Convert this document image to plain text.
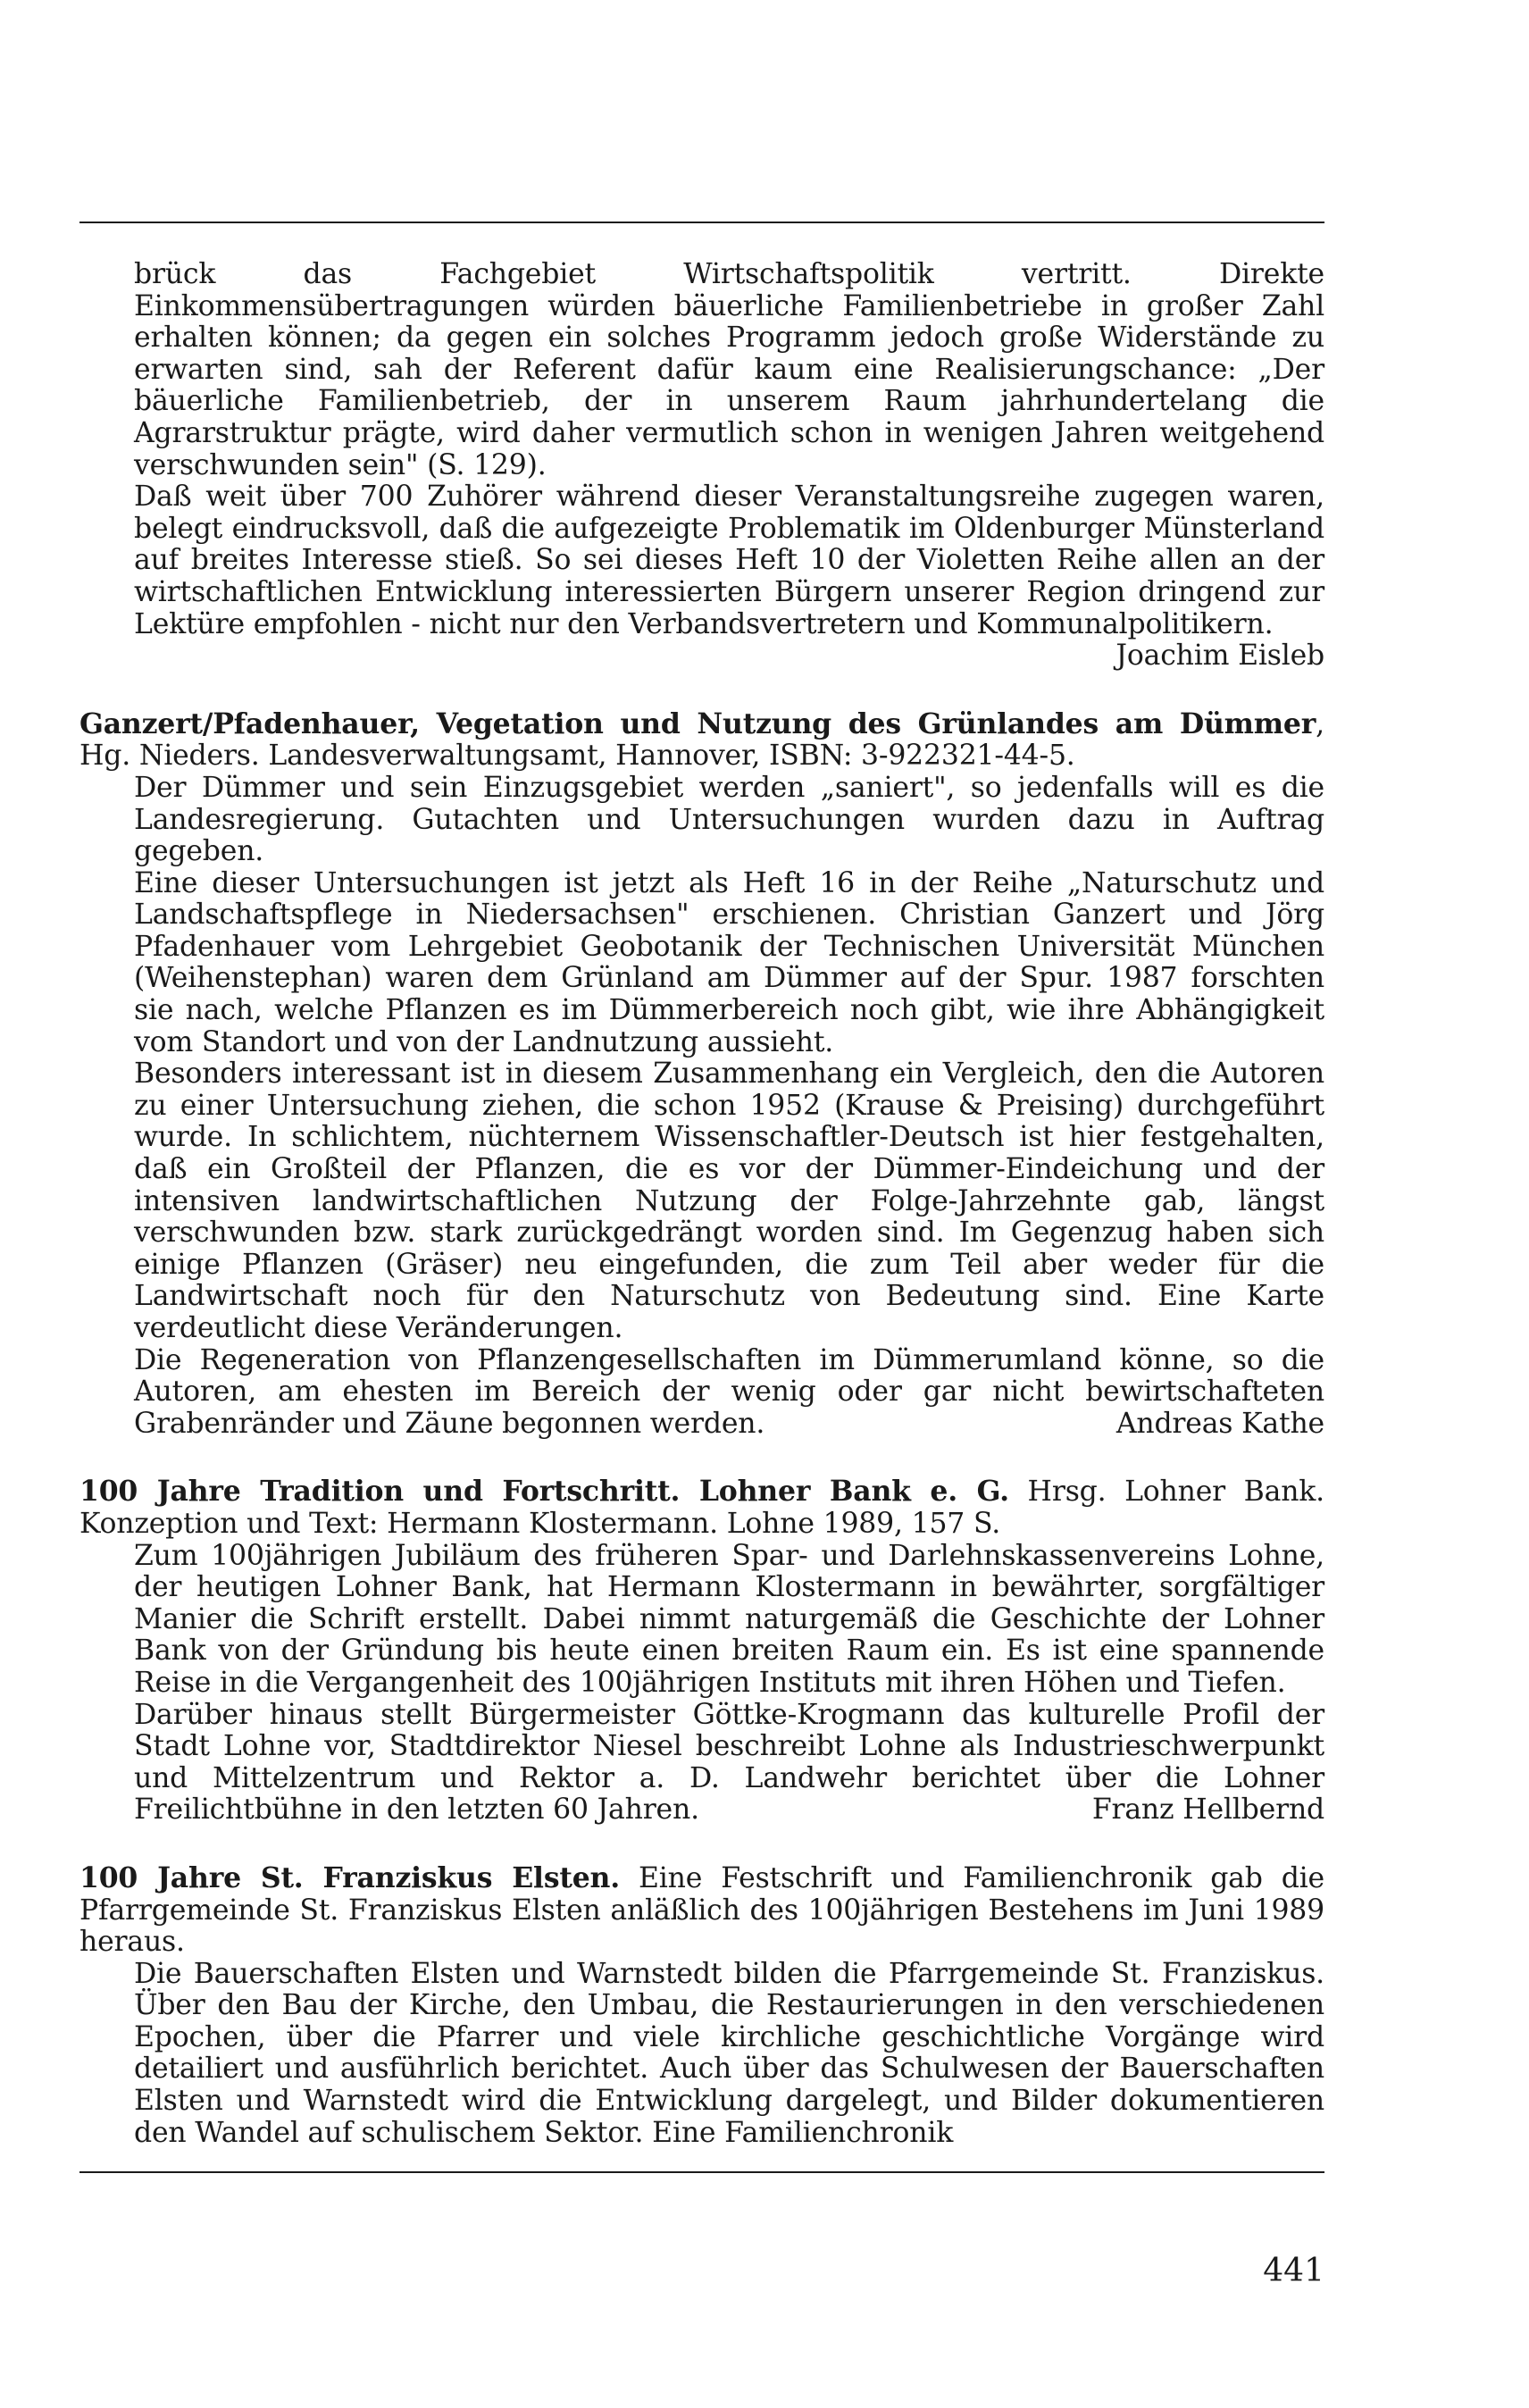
brück das Fachgebiet Wirtschaftspolitik vertritt. Direkte Einkommensübertragungen würden bäuerliche Familienbetriebe in großer Zahl erhalten können; da gegen ein solches Programm jedoch große Widerstände zu erwarten sind, sah der Referent dafür kaum eine Realisierungschance: „Der bäuerliche Familienbetrieb, der in unserem Raum jahrhundertelang die Agrarstruktur prägte, wird daher vermutlich schon in wenigen Jahren weitgehend verschwunden sein" (S. 129).

Daß weit über 700 Zuhörer während dieser Veranstaltungsreihe zugegen waren, belegt eindrucksvoll, daß die aufgezeigte Problematik im Oldenburger Münsterland auf breites Interesse stieß. So sei dieses Heft 10 der Violetten Reihe allen an der wirtschaftlichen Entwicklung interessierten Bürgern unserer Region dringend zur Lektüre empfohlen - nicht nur den Verbandsvertretern und Kommunalpolitikern.
Joachim Eisleb

Ganzert/Pfadenhauer, Vegetation und Nutzung des Grünlandes am Dümmer, Hg. Nieders. Landesverwaltungsamt, Hannover, ISBN: 3-922321-44-5.

Der Dümmer und sein Einzugsgebiet werden „saniert", so jedenfalls will es die Landesregierung. Gutachten und Untersuchungen wurden dazu in Auftrag gegeben.

Eine dieser Untersuchungen ist jetzt als Heft 16 in der Reihe „Naturschutz und Landschaftspflege in Niedersachsen" erschienen. Christian Ganzert und Jörg Pfadenhauer vom Lehrgebiet Geobotanik der Technischen Universität München (Weihenstephan) waren dem Grünland am Dümmer auf der Spur. 1987 forschten sie nach, welche Pflanzen es im Dümmerbereich noch gibt, wie ihre Abhängigkeit vom Standort und von der Landnutzung aussieht.

Besonders interessant ist in diesem Zusammenhang ein Vergleich, den die Autoren zu einer Untersuchung ziehen, die schon 1952 (Krause & Preising) durchgeführt wurde. In schlichtem, nüchternem Wissenschaftler-Deutsch ist hier festgehalten, daß ein Großteil der Pflanzen, die es vor der Dümmer-Eindeichung und der intensiven landwirtschaftlichen Nutzung der Folge-Jahrzehnte gab, längst verschwunden bzw. stark zurückgedrängt worden sind. Im Gegenzug haben sich einige Pflanzen (Gräser) neu eingefunden, die zum Teil aber weder für die Landwirtschaft noch für den Naturschutz von Bedeutung sind. Eine Karte verdeutlicht diese Veränderungen.

Die Regeneration von Pflanzengesellschaften im Dümmerumland könne, so die Autoren, am ehesten im Bereich der wenig oder gar nicht bewirtschafteten Grabenränder und Zäune begonnen werden.	Andreas Kathe

100 Jahre Tradition und Fortschritt. Lohner Bank e. G. Hrsg. Lohner Bank. Konzeption und Text: Hermann Klostermann. Lohne 1989, 157 S.

Zum 100jährigen Jubiläum des früheren Spar- und Darlehnskassenvereins Lohne, der heutigen Lohner Bank, hat Hermann Klostermann in bewährter, sorgfältiger Manier die Schrift erstellt. Dabei nimmt naturgemäß die Geschichte der Lohner Bank von der Gründung bis heute einen breiten Raum ein. Es ist eine spannende Reise in die Vergangenheit des 100jährigen Instituts mit ihren Höhen und Tiefen.

Darüber hinaus stellt Bürgermeister Göttke-Krogmann das kulturelle Profil der Stadt Lohne vor, Stadtdirektor Niesel beschreibt Lohne als Industrieschwerpunkt und Mittelzentrum und Rektor a. D. Landwehr berichtet über die Lohner Freilichtbühne in den letzten 60 Jahren.	Franz Hellbernd

100 Jahre St. Franziskus Elsten. Eine Festschrift und Familienchronik gab die Pfarrgemeinde St. Franziskus Elsten anläßlich des 100jährigen Bestehens im Juni 1989 heraus.

Die Bauerschaften Elsten und Warnstedt bilden die Pfarrgemeinde St. Franziskus. Über den Bau der Kirche, den Umbau, die Restaurierungen in den verschiedenen Epochen, über die Pfarrer und viele kirchliche geschichtliche Vorgänge wird detailiert und ausführlich berichtet. Auch über das Schulwesen der Bauerschaften Elsten und Warnstedt wird die Entwicklung dargelegt, und Bilder dokumentieren den Wandel auf schulischem Sektor. Eine Familienchronik

441
